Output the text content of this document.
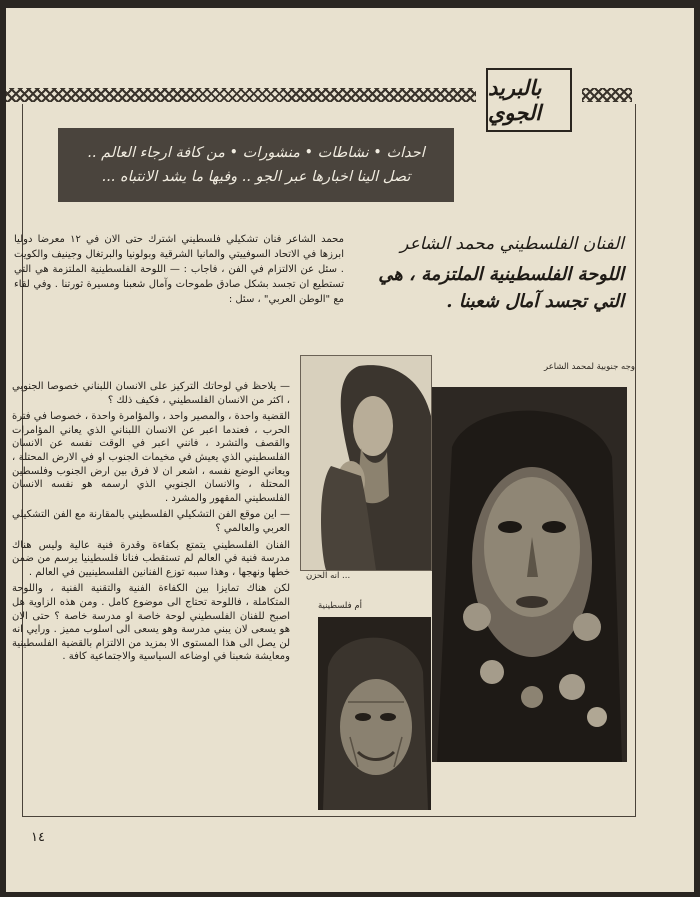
بالبريد الجوي
احداث • نشاطات • منشورات • من كافة ارجاء العالم ..
تصل الينا اخبارها عبر الجو .. وفيها ما يشد الانتباه ...
الفنان الفلسطيني محمد الشاعر
اللوحة الفلسطينية الملتزمة ، هي
التي تجسد آمال شعبنا .
محمد الشاعر فنان تشكيلي فلسطيني اشترك حتى الان في ١٢ معرضا دوليا ابرزها في الاتحاد السوفييتي والمانيا الشرقية وبولونيا والبرتغال وجينيف والكويت . سئل عن الالتزام في الفن ، فاجاب : — اللوحة الفلسطينية الملتزمة هي التي تستطيع ان تجسد بشكل صادق طموحات وآمال شعبنا ومسيرة ثورتنا . وفي لقاء مع "الوطن العربي" ، سئل :

— يلاحظ في لوحاتك التركيز على الانسان اللبناني خصوصا الجنوبي ، اكثر من الانسان الفلسطيني ، فكيف ذلك ؟

القضية واحدة ، والمصير واحد ، والمؤامرة واحدة ، خصوصا في فترة الحرب ، فعندما اعبر عن الانسان اللبناني الذي يعاني المؤامرات والقصف والتشرد ، فانني اعبر في الوقت نفسه عن الانسان الفلسطيني الذي يعيش في مخيمات الجنوب او في الارض المحتلة ، ويعاني الوضع نفسه ، اشعر ان لا فرق بين ارض الجنوب وفلسطين المحتلة ، والانسان الجنوبي الذي ارسمه هو نفسه الانسان الفلسطيني المقهور والمشرد .

— اين موقع الفن التشكيلي الفلسطيني بالمقارنة مع الفن التشكيلي العربي والعالمي ؟

الفنان الفلسطيني يتمتع بكفاءة وقدرة فنية عالية وليس هناك مدرسة فنية في العالم لم تستقطب فنانا فلسطينيا يرسم من ضمن خطها ونهجها ، وهذا سببه توزع الفنانين الفلسطينيين في العالم .

لكن هناك تمايزا بين الكفاءة الفنية والتقنية الفنية ، واللوحة المتكاملة ، فاللوحة تحتاج الى موضوع كامل . ومن هذه الزاوية هل اصبح للفنان الفلسطيني لوحة خاصة او مدرسة خاصة ؟ حتى الان هو يسعى لان يبني مدرسة وهو يسعى الى اسلوب مميز . ورايي انه لن يصل الى هذا المستوى الا بمزيد من الالتزام بالقضية الفلسطينية ومعايشة شعبنا في اوضاعه السياسية والاجتماعية كافة .

وجه جنوبية لمحمد الشاعر
... انه الحزن
أم فلسطينية
١٤
